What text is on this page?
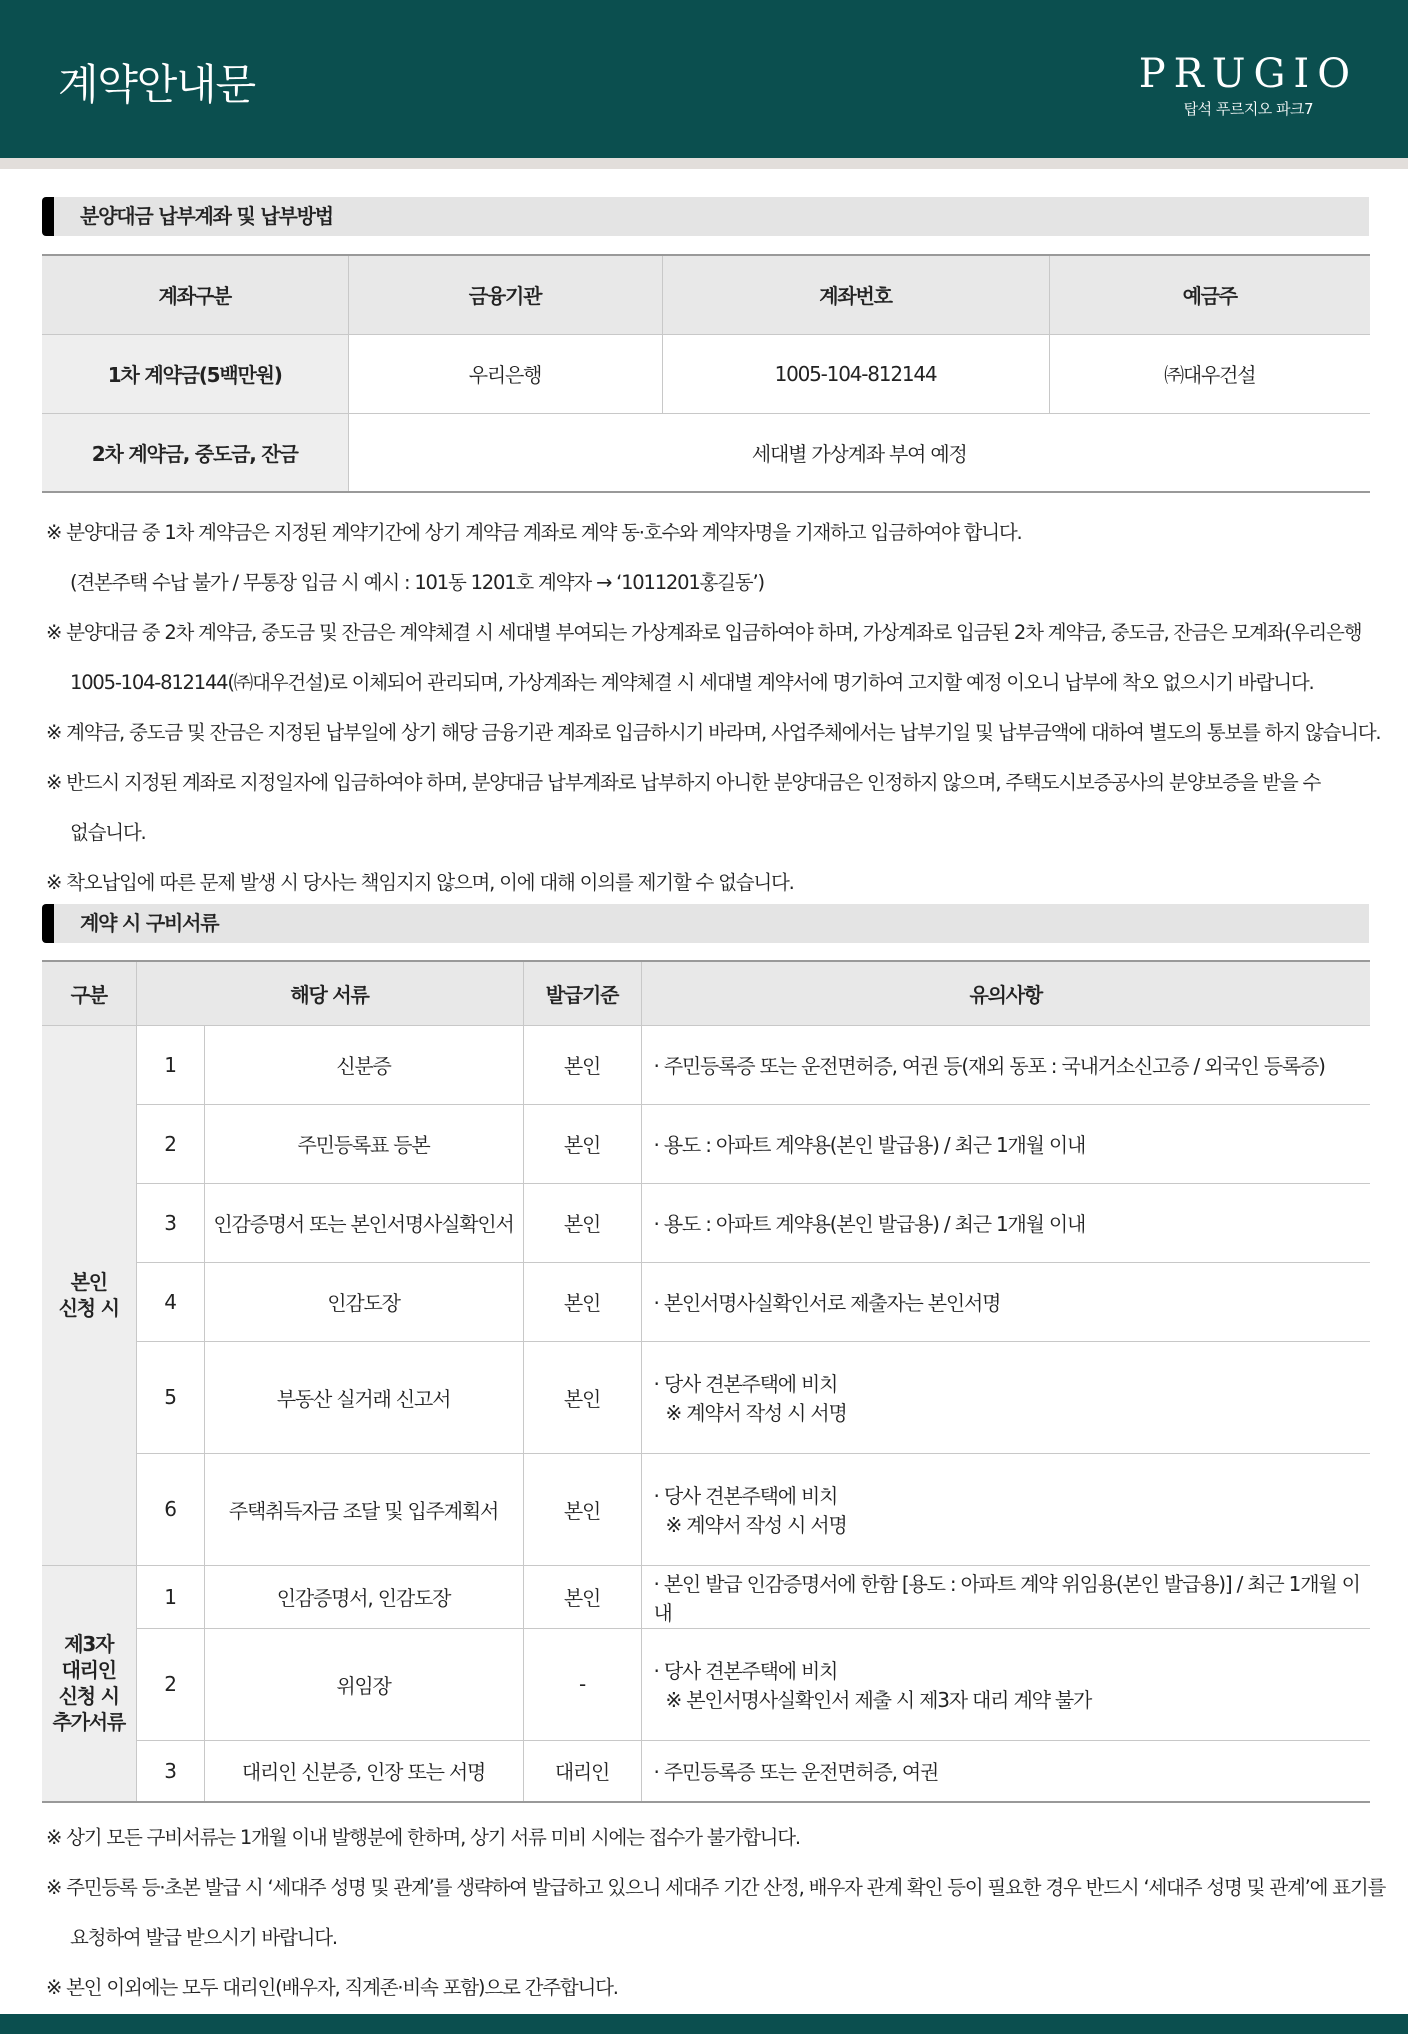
계약안내문	PRUGIO
탑석 푸르지오 파크7
분양대금 납부계좌 및 납부방법
계좌구분	금융기관	계좌번호	예금주
1차 계약금(5백만원)	우리은행	1005-104-812144	㈜대우건설
2차 계약금, 중도금, 잔금	세대별 가상계좌 부여 예정		
※ 분양대금 중 1차 계약금은 지정된 계약기간에 상기 계약금 계좌로 계약 동·호수와 계약자명을 기재하고 입금하여야 합니다.
(견본주택 수납 불가 / 무통장 입금 시 예시 : 101동 1201호 계약자 → ‘1011201홍길동’)
※ 분양대금 중 2차 계약금, 중도금 및 잔금은 계약체결 시 세대별 부여되는 가상계좌로 입금하여야 하며, 가상계좌로 입금된 2차 계약금, 중도금, 잔금은 모계좌(우리은행
1005-104-812144(㈜대우건설)로 이체되어 관리되며, 가상계좌는 계약체결 시 세대별 계약서에 명기하여 고지할 예정 이오니 납부에 착오 없으시기 바랍니다.
※ 계약금, 중도금 및 잔금은 지정된 납부일에 상기 해당 금융기관 계좌로 입금하시기 바라며, 사업주체에서는 납부기일 및 납부금액에 대하여 별도의 통보를 하지 않습니다.
※ 반드시 지정된 계좌로 지정일자에 입금하여야 하며, 분양대금 납부계좌로 납부하지 아니한 분양대금은 인정하지 않으며, 주택도시보증공사의 분양보증을 받을 수
없습니다.
※ 착오납입에 따른 문제 발생 시 당사는 책임지지 않으며, 이에 대해 이의를 제기할 수 없습니다.
계약 시 구비서류
구분	해당 서류		발급기준	유의사항
본인
신청 시	1	신분증	본인	· 주민등록증 또는 운전면허증, 여권 등(재외 동포 : 국내거소신고증 / 외국인 등록증)

	2	주민등록표 등본	본인	· 용도 : 아파트 계약용(본인 발급용) / 최근 1개월 이내

	3	인감증명서 또는 본인서명사실확인서	본인	· 용도 : 아파트 계약용(본인 발급용) / 최근 1개월 이내

	4	인감도장	본인	· 본인서명사실확인서로 제출자는 본인서명

	5	부동산 실거래 신고서	본인	· 당사 견본주택에 비치
※ 계약서 작성 시 서명

	6	주택취득자금 조달 및 입주계획서	본인	· 당사 견본주택에 비치
※ 계약서 작성 시 서명

제3자
대리인
신청 시
추가서류	1	인감증명서, 인감도장	본인	· 본인 발급 인감증명서에 한함 [용도 : 아파트 계약 위임용(본인 발급용)] / 최근 1개월 이내

	2	위임장	-	· 당사 견본주택에 비치
※ 본인서명사실확인서 제출 시 제3자 대리 계약 불가

	3	대리인 신분증, 인장 또는 서명	대리인	· 주민등록증 또는 운전면허증, 여권
※ 상기 모든 구비서류는 1개월 이내 발행분에 한하며, 상기 서류 미비 시에는 접수가 불가합니다.
※ 주민등록 등·초본 발급 시 ‘세대주 성명 및 관계’를 생략하여 발급하고 있으니 세대주 기간 산정, 배우자 관계 확인 등이 필요한 경우 반드시 ‘세대주 성명 및 관계’에 표기를
요청하여 발급 받으시기 바랍니다.
※ 본인 이외에는 모두 대리인(배우자, 직계존·비속 포함)으로 간주합니다.
